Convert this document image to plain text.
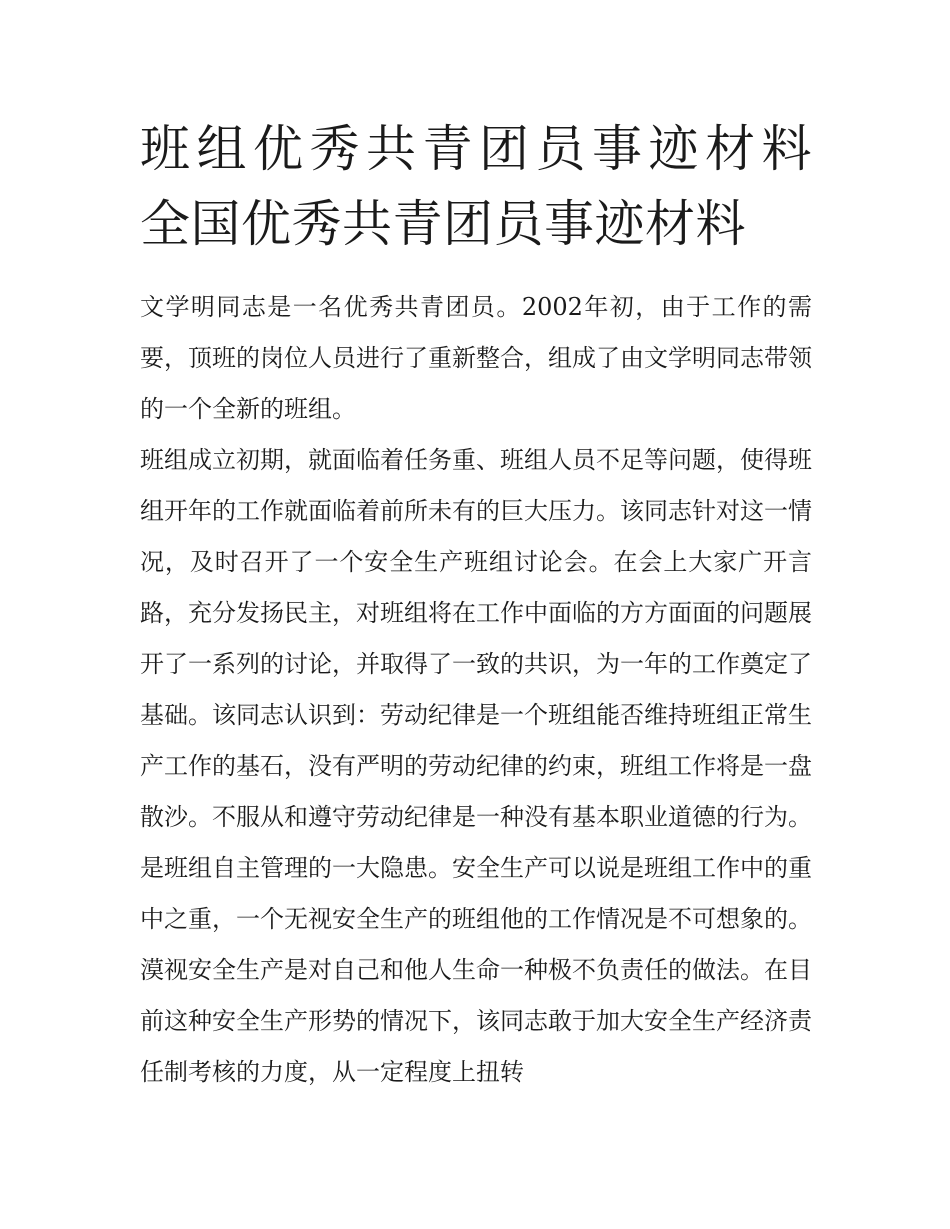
班组优秀共青团员事迹材料 全国优秀共青团员事迹材料

文学明同志是一名优秀共青团员。2002年初，由于工作的需要，顶班的岗位人员进行了重新整合，组成了由文学明同志带领的一个全新的班组。

班组成立初期，就面临着任务重、班组人员不足等问题，使得班组开年的工作就面临着前所未有的巨大压力。该同志针对这一情况，及时召开了一个安全生产班组讨论会。在会上大家广开言路，充分发扬民主，对班组将在工作中面临的方方面面的问题展开了一系列的讨论，并取得了一致的共识，为一年的工作奠定了基础。该同志认识到：劳动纪律是一个班组能否维持班组正常生产工作的基石，没有严明的劳动纪律的约束，班组工作将是一盘散沙。不服从和遵守劳动纪律是一种没有基本职业道德的行为。是班组自主管理的一大隐患。安全生产可以说是班组工作中的重中之重，一个无视安全生产的班组他的工作情况是不可想象的。漠视安全生产是对自己和他人生命一种极不负责任的做法。在目前这种安全生产形势的情况下，该同志敢于加大安全生产经济责任制考核的力度，从一定程度上扭转
